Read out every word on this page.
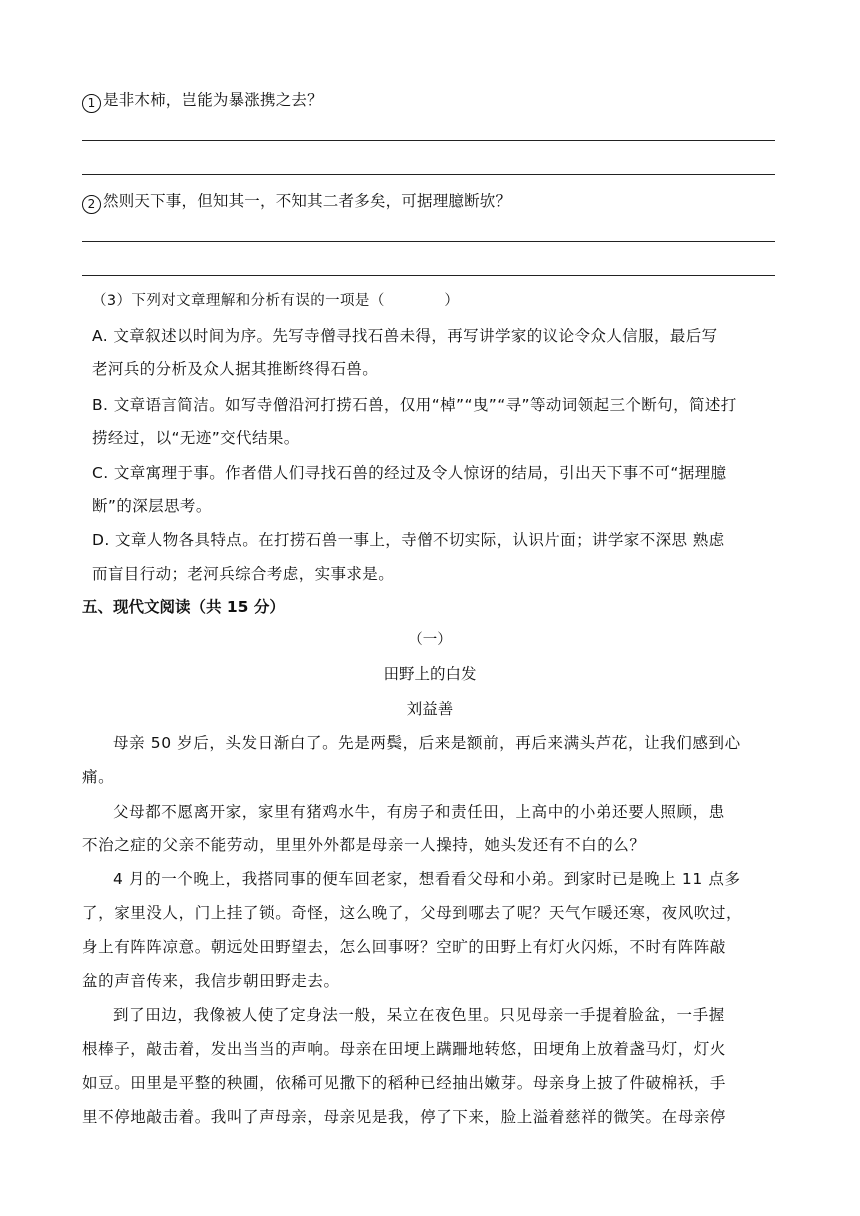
1 是非木柿，岂能为暴涨携之去？
2 然则天下事，但知其一，不知其二者多矣，可据理臆断欤？
（3）下列对文章理解和分析有误的一项是（　　　　）
A. 文章叙述以时间为序。先写寺僧寻找石兽未得，再写讲学家的议论令众人信服，最后写
老河兵的分析及众人据其推断终得石兽。
B. 文章语言简洁。如写寺僧沿河打捞石兽，仅用“棹”“曳”“寻”等动词领起三个断句，简述打
捞经过，以“无迹”交代结果。
C. 文章寓理于事。作者借人们寻找石兽的经过及令人惊讶的结局，引出天下事不可“据理臆
断”的深层思考。
D. 文章人物各具特点。在打捞石兽一事上，寺僧不切实际，认识片面；讲学家不深思 熟虑
而盲目行动；老河兵综合考虑，实事求是。
五、现代文阅读（共 15 分）
（一）
田野上的白发
刘益善
母亲 50 岁后，头发日渐白了。先是两鬓，后来是额前，再后来满头芦花，让我们感到心
痛。
父母都不愿离开家，家里有猪鸡水牛，有房子和责任田，上高中的小弟还要人照顾，患
不治之症的父亲不能劳动，里里外外都是母亲一人操持，她头发还有不白的么？
4 月的一个晚上，我搭同事的便车回老家，想看看父母和小弟。到家时已是晚上 11 点多
了，家里没人，门上挂了锁。奇怪，这么晚了，父母到哪去了呢？天气乍暖还寒，夜风吹过，
身上有阵阵凉意。朝远处田野望去，怎么回事呀？空旷的田野上有灯火闪烁，不时有阵阵敲
盆的声音传来，我信步朝田野走去。
到了田边，我像被人使了定身法一般，呆立在夜色里。只见母亲一手提着脸盆，一手握
根棒子，敲击着，发出当当的声响。母亲在田埂上蹒跚地转悠，田埂角上放着盏马灯，灯火
如豆。田里是平整的秧圃，依稀可见撒下的稻种已经抽出嫩芽。母亲身上披了件破棉袄，手
里不停地敲击着。我叫了声母亲，母亲见是我，停了下来，脸上溢着慈祥的微笑。在母亲停
